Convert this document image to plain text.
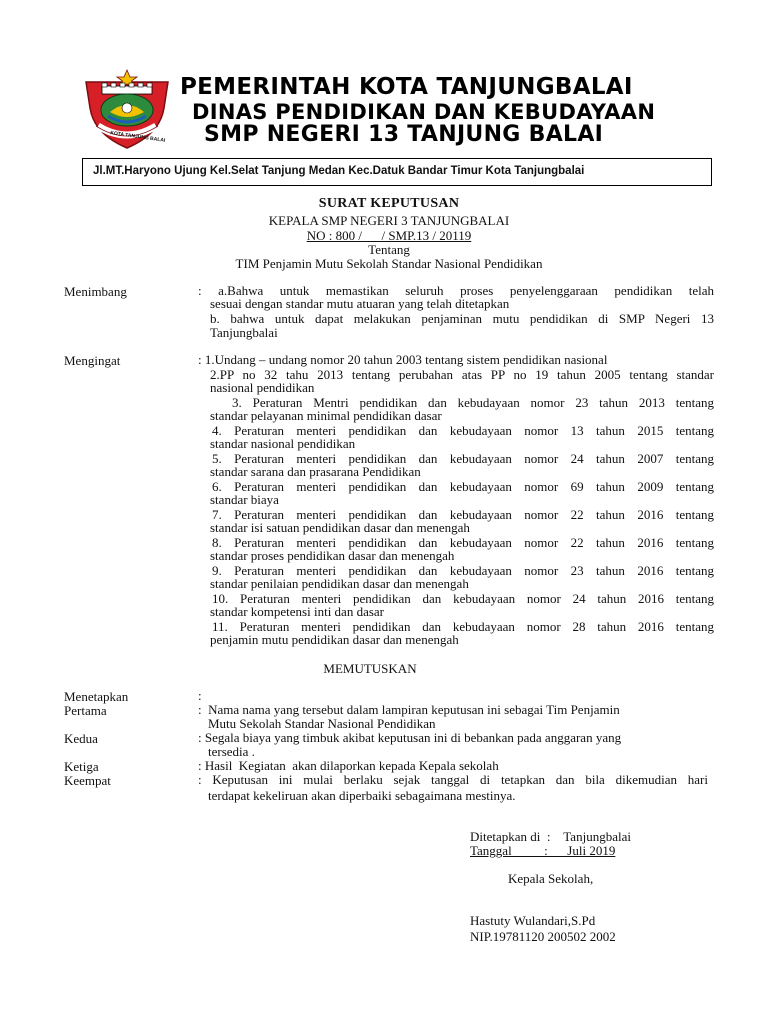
KOTA TANJUNG BALAI
PEMERINTAH KOTA TANJUNGBALAI
DINAS PENDIDIKAN DAN KEBUDAYAAN
SMP NEGERI 13 TANJUNG BALAI
Jl.MT.Haryono Ujung Kel.Selat Tanjung Medan Kec.Datuk Bandar Timur Kota Tanjungbalai
SURAT KEPUTUSAN
KEPALA SMP NEGERI 3 TANJUNGBALAI
NO : 800 /      / SMP.13 / 20119
Tentang
TIM Penjamin Mutu Sekolah Standar Nasional Pendidikan
Menimbang	: a.Bahwa untuk memastikan seluruh proses penyelenggaraan pendidikan telah
sesuai dengan standar mutu atuaran yang telah ditetapkan
b. bahwa untuk dapat melakukan penjaminan mutu pendidikan di SMP Negeri 13
Tanjungbalai
Mengingat	: 1.Undang – undang nomor 20 tahun 2003 tentang sistem pendidikan nasional
2.PP no 32 tahu 2013 tentang perubahan atas PP no 19 tahun 2005 tentang standar
nasional pendidikan
3. Peraturan Mentri pendidikan dan kebudayaan nomor 23 tahun 2013 tentang
standar pelayanan minimal pendidikan dasar
4. Peraturan menteri pendidikan dan kebudayaan nomor 13 tahun 2015 tentang
standar nasional pendidikan
5. Peraturan menteri pendidikan dan kebudayaan nomor 24 tahun 2007 tentang
standar sarana dan prasarana Pendidikan
6. Peraturan menteri pendidikan dan kebudayaan nomor 69 tahun 2009 tentang
standar biaya
7. Peraturan menteri pendidikan dan kebudayaan nomor 22 tahun 2016 tentang
standar isi satuan pendidikan dasar dan menengah
8. Peraturan menteri pendidikan dan kebudayaan nomor 22 tahun 2016 tentang
standar proses pendidikan dasar dan menengah
9. Peraturan menteri pendidikan dan kebudayaan nomor 23 tahun 2016 tentang
standar penilaian pendidikan dasar dan menengah
10. Peraturan menteri pendidikan dan kebudayaan nomor 24 tahun 2016 tentang
standar kompetensi inti dan dasar
11. Peraturan menteri pendidikan dan kebudayaan nomor 28 tahun 2016 tentang
penjamin mutu pendidikan dasar dan menengah
MEMUTUSKAN
Menetapkan	:
Pertama	:  Nama nama yang tersebut dalam lampiran keputusan ini sebagai Tim Penjamin
Mutu Sekolah Standar Nasional Pendidikan
Kedua	: Segala biaya yang timbuk akibat keputusan ini di bebankan pada anggaran yang
tersedia .
Ketiga	: Hasil  Kegiatan  akan dilaporkan kepada Kepala sekolah
Keempat	: Keputusan ini mulai berlaku sejak tanggal di tetapkan dan bila dikemudian hari
terdapat kekeliruan akan diperbaiki sebagaimana mestinya.
Ditetapkan di  :    Tanjungbalai
Tanggal          :      Juli 2019
Kepala Sekolah,
Hastuty Wulandari,S.Pd
NIP.19781120 200502 2002
